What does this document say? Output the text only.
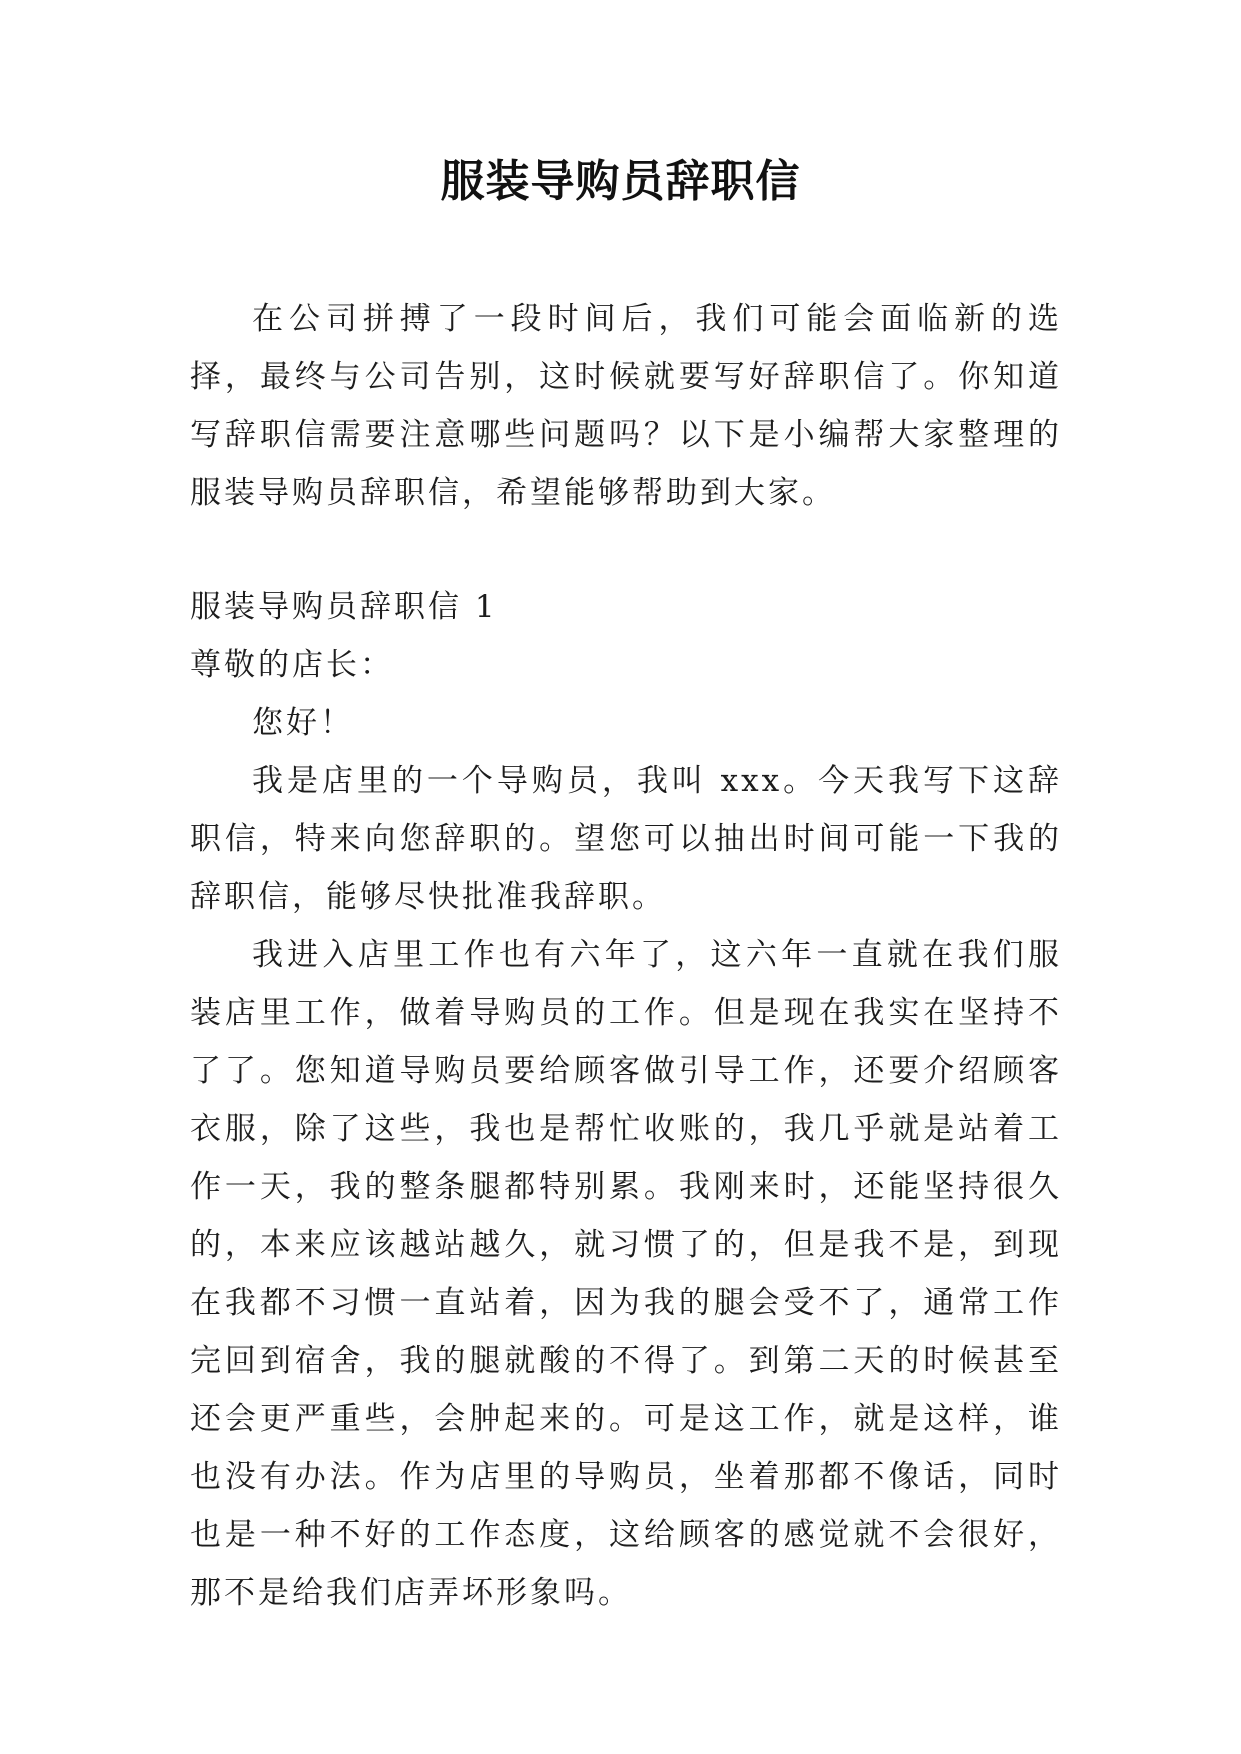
服装导购员辞职信

在公司拼搏了一段时间后，我们可能会面临新的选择，最终与公司告别，这时候就要写好辞职信了。你知道写辞职信需要注意哪些问题吗？以下是小编帮大家整理的服装导购员辞职信，希望能够帮助到大家。

服装导购员辞职信 1

尊敬的店长：

您好！

我是店里的一个导购员，我叫 xxx。今天我写下这辞职信，特来向您辞职的。望您可以抽出时间可能一下我的辞职信，能够尽快批准我辞职。

我进入店里工作也有六年了，这六年一直就在我们服装店里工作，做着导购员的工作。但是现在我实在坚持不了了。您知道导购员要给顾客做引导工作，还要介绍顾客衣服，除了这些，我也是帮忙收账的，我几乎就是站着工作一天，我的整条腿都特别累。我刚来时，还能坚持很久的，本来应该越站越久，就习惯了的，但是我不是，到现在我都不习惯一直站着，因为我的腿会受不了，通常工作完回到宿舍，我的腿就酸的不得了。到第二天的时候甚至还会更严重些，会肿起来的。可是这工作，就是这样，谁也没有办法。作为店里的导购员，坐着那都不像话，同时也是一种不好的工作态度，这给顾客的感觉就不会很好，那不是给我们店弄坏形象吗。
